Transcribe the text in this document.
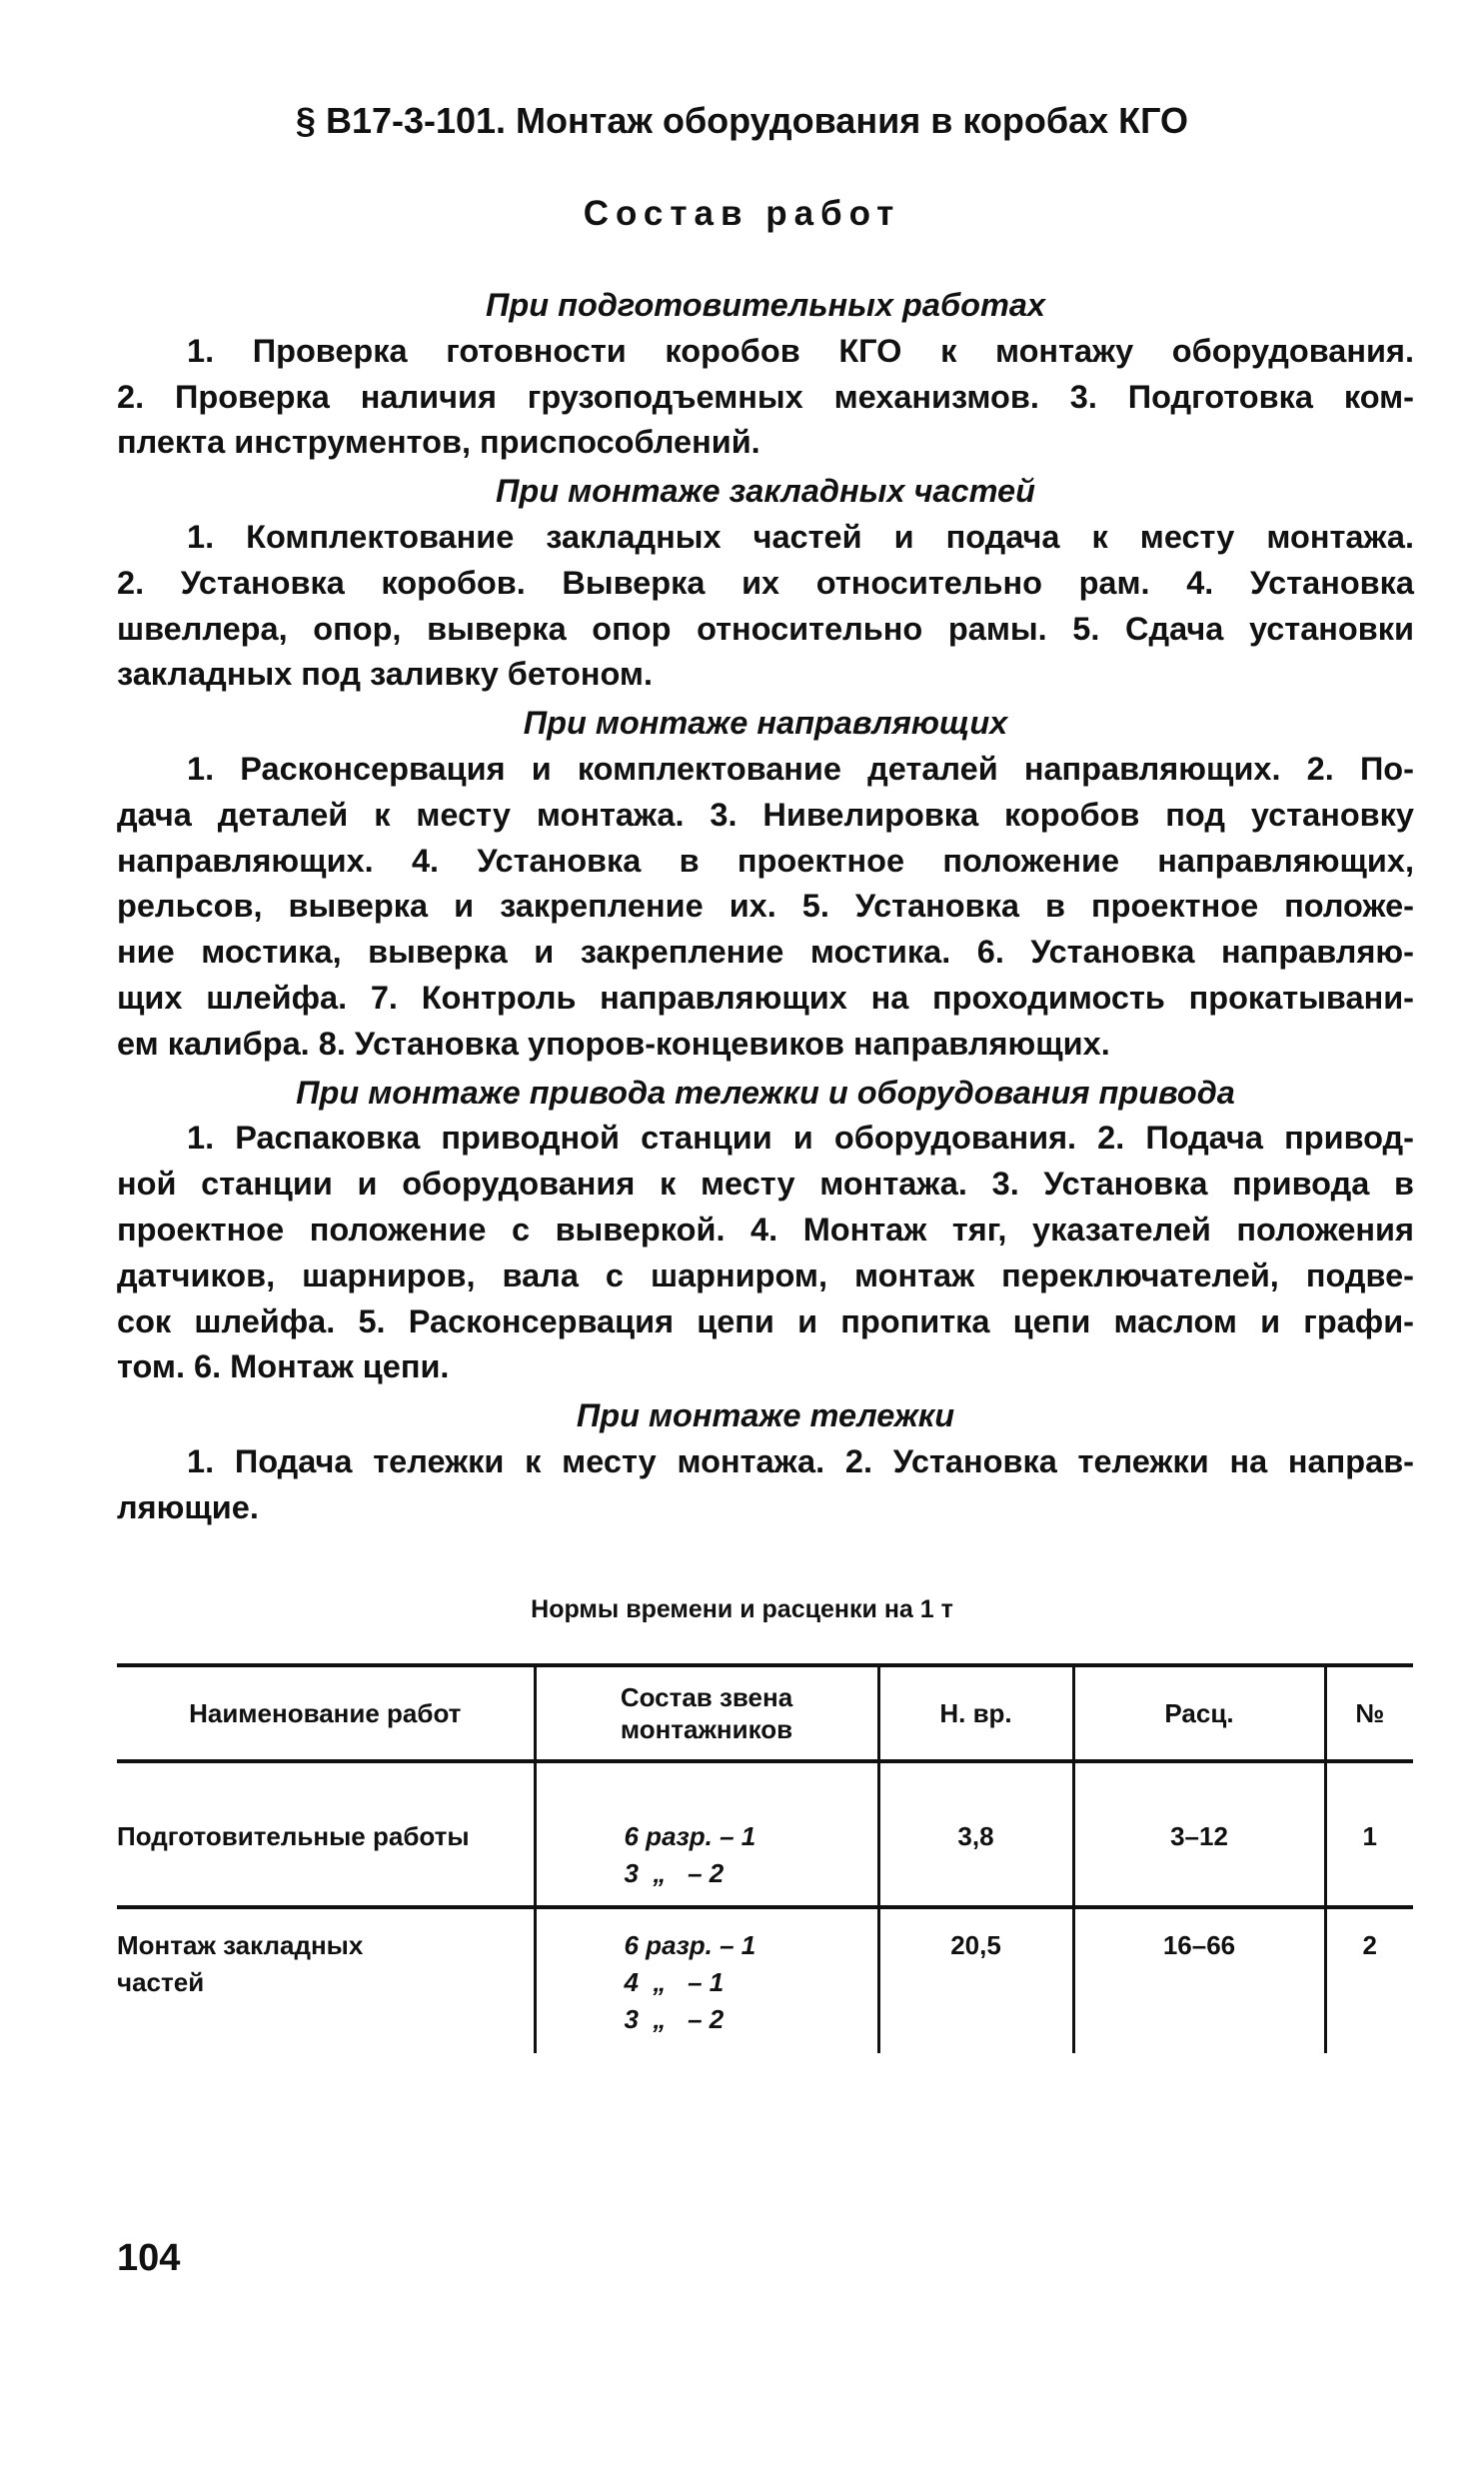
§ В17-3-101. Монтаж оборудования в коробах КГО
Состав работ
При подготовительных работах
1. Проверка готовности коробов КГО к монтажу оборудования.
2. Проверка наличия грузоподъемных механизмов. 3. Подготовка ком-
плекта инструментов, приспособлений.
При монтаже закладных частей
1. Комплектование закладных частей и подача к месту монтажа.
2. Установка коробов. Выверка их относительно рам. 4. Установка
швеллера, опор, выверка опор относительно рамы. 5. Сдача установки
закладных под заливку бетоном.
При монтаже направляющих
1. Расконсервация и комплектование деталей направляющих. 2. По-
дача деталей к месту монтажа. 3. Нивелировка коробов под установку
направляющих. 4. Установка в проектное положение направляющих,
рельсов, выверка и закрепление их. 5. Установка в проектное положе-
ние мостика, выверка и закрепление мостика. 6. Установка направляю-
щих шлейфа. 7. Контроль направляющих на проходимость прокатывани-
ем калибра. 8. Установка упоров-концевиков направляющих.
При монтаже привода тележки и оборудования привода
1. Распаковка приводной станции и оборудования. 2. Подача привод-
ной станции и оборудования к месту монтажа. 3. Установка привода в
проектное положение с выверкой. 4. Монтаж тяг, указателей положения
датчиков, шарниров, вала с шарниром, монтаж переключателей, подве-
сок шлейфа. 5. Расконсервация цепи и пропитка цепи маслом и графи-
том. 6. Монтаж цепи.
При монтаже тележки
1. Подача тележки к месту монтажа. 2. Установка тележки на направ-
ляющие.
Нормы времени и расценки на 1 т
Наименование работ	Состав звена монтажников	Н. вр.	Расц.	№
Подготовительные работы	6 разр. – 1
3  „   – 2	3,8	3–12	1
Монтаж закладных частей	6 разр. – 1
4  „   – 1
3  „   – 2	20,5	16–66	2
104
